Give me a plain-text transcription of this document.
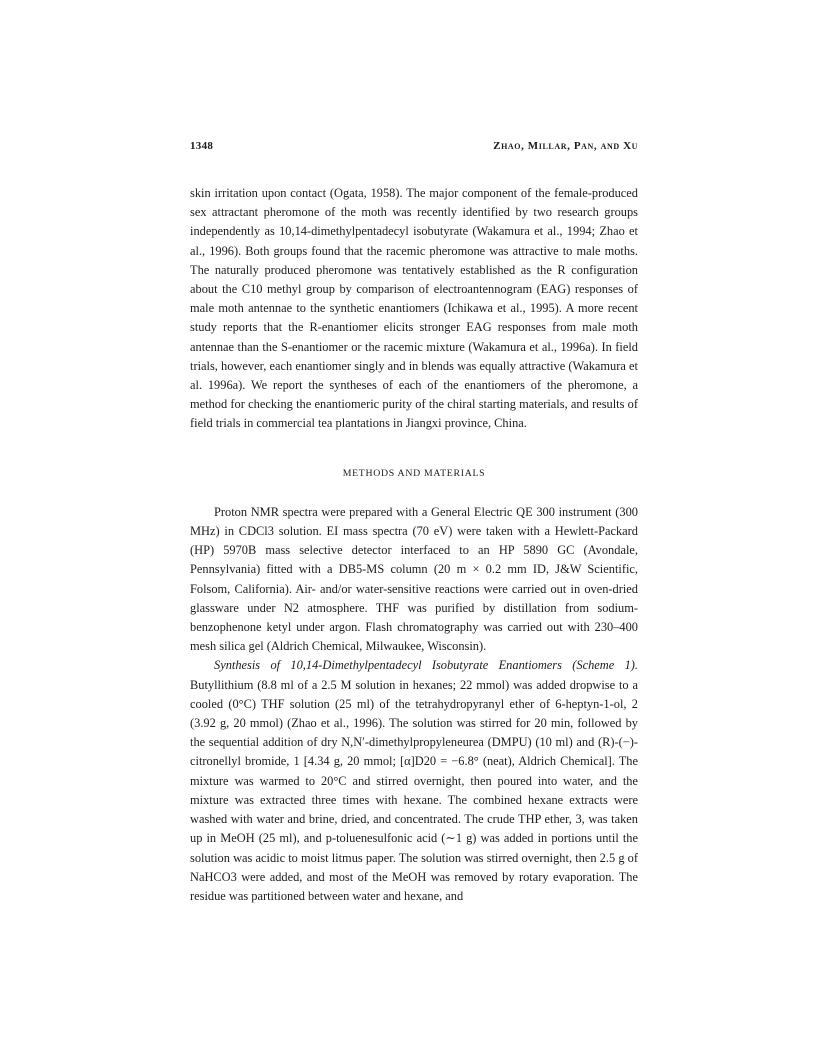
1348	Zhao, Millar, Pan, and Xu

skin irritation upon contact (Ogata, 1958). The major component of the female-produced sex attractant pheromone of the moth was recently identified by two research groups independently as 10,14-dimethylpentadecyl isobutyrate (Wakamura et al., 1994; Zhao et al., 1996). Both groups found that the racemic pheromone was attractive to male moths. The naturally produced pheromone was tentatively established as the R configuration about the C10 methyl group by comparison of electroantennogram (EAG) responses of male moth antennae to the synthetic enantiomers (Ichikawa et al., 1995). A more recent study reports that the R-enantiomer elicits stronger EAG responses from male moth antennae than the S-enantiomer or the racemic mixture (Wakamura et al., 1996a). In field trials, however, each enantiomer singly and in blends was equally attractive (Wakamura et al. 1996a). We report the syntheses of each of the enantiomers of the pheromone, a method for checking the enantiomeric purity of the chiral starting materials, and results of field trials in commercial tea plantations in Jiangxi province, China.

METHODS AND MATERIALS

Proton NMR spectra were prepared with a General Electric QE 300 instrument (300 MHz) in CDCl3 solution. EI mass spectra (70 eV) were taken with a Hewlett-Packard (HP) 5970B mass selective detector interfaced to an HP 5890 GC (Avondale, Pennsylvania) fitted with a DB5-MS column (20 m × 0.2 mm ID, J&W Scientific, Folsom, California). Air- and/or water-sensitive reactions were carried out in oven-dried glassware under N2 atmosphere. THF was purified by distillation from sodium-benzophenone ketyl under argon. Flash chromatography was carried out with 230–400 mesh silica gel (Aldrich Chemical, Milwaukee, Wisconsin).

Synthesis of 10,14-Dimethylpentadecyl Isobutyrate Enantiomers (Scheme 1). Butyllithium (8.8 ml of a 2.5 M solution in hexanes; 22 mmol) was added dropwise to a cooled (0°C) THF solution (25 ml) of the tetrahydropyranyl ether of 6-heptyn-1-ol, 2 (3.92 g, 20 mmol) (Zhao et al., 1996). The solution was stirred for 20 min, followed by the sequential addition of dry N,N′-dimethylpropyleneurea (DMPU) (10 ml) and (R)-(−)-citronellyl bromide, 1 [4.34 g, 20 mmol; [α]D20 = −6.8° (neat), Aldrich Chemical]. The mixture was warmed to 20°C and stirred overnight, then poured into water, and the mixture was extracted three times with hexane. The combined hexane extracts were washed with water and brine, dried, and concentrated. The crude THP ether, 3, was taken up in MeOH (25 ml), and p-toluenesulfonic acid (∼1 g) was added in portions until the solution was acidic to moist litmus paper. The solution was stirred overnight, then 2.5 g of NaHCO3 were added, and most of the MeOH was removed by rotary evaporation. The residue was partitioned between water and hexane, and
